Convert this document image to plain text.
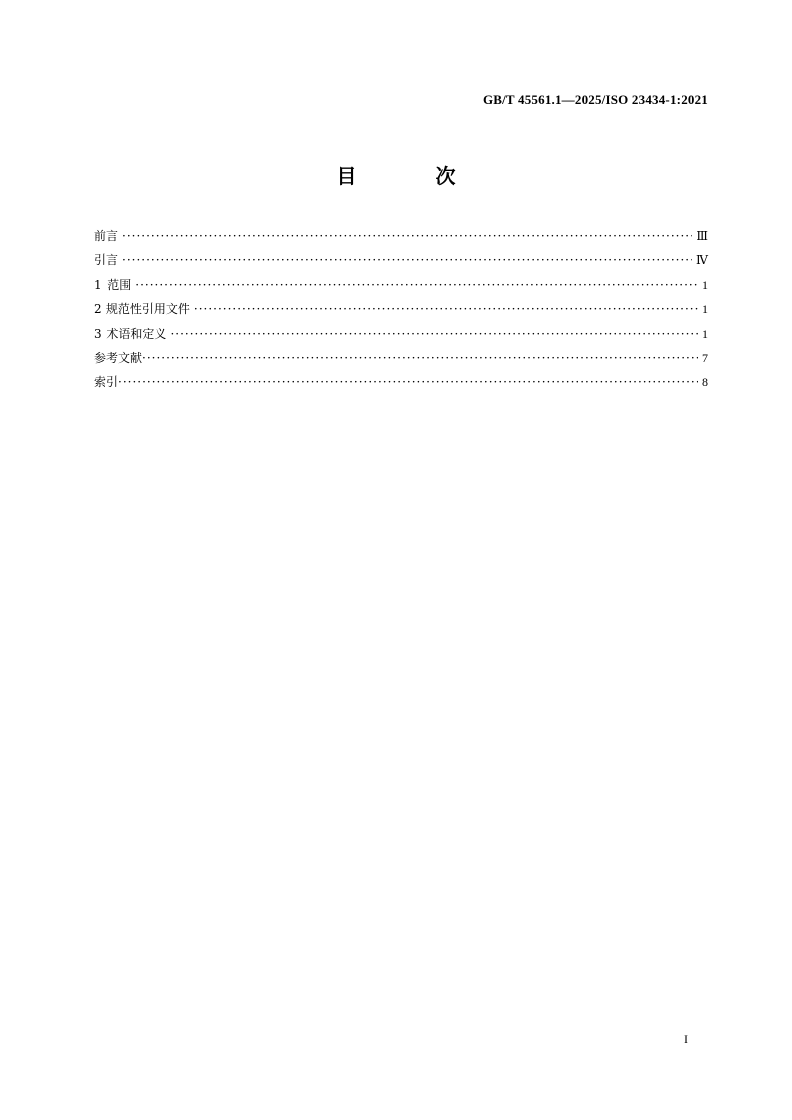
GB/T 45561.1—2025/ISO 23434-1:2021
目 次
前言 ·····	Ⅲ
引言 ·····	Ⅳ
1 范围 ·····	1
2 规范性引用文件 ·····	1
3 术语和定义 ·····	1
参考文献 ·····	7
索引 ·····	8
I
